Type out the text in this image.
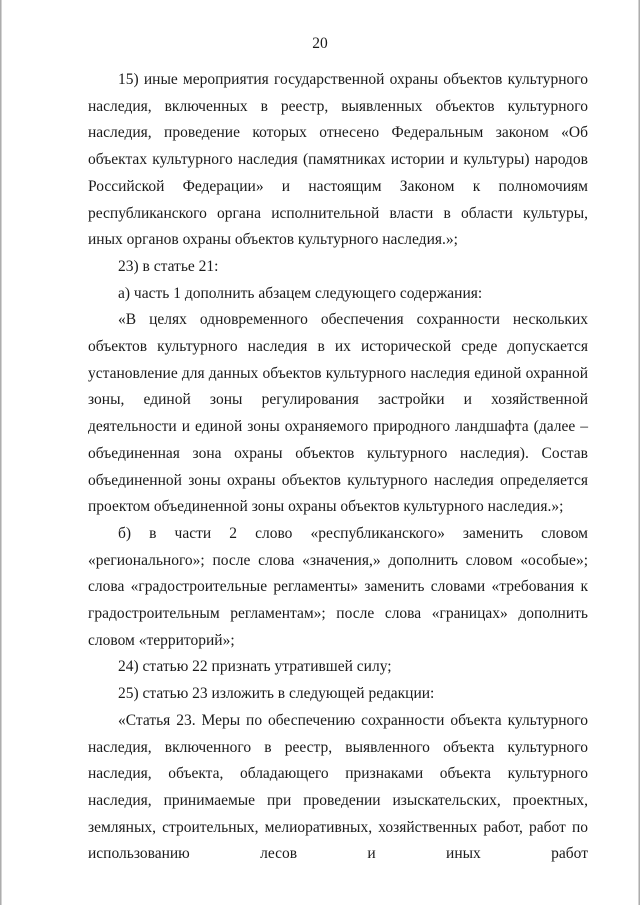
20

15) иные мероприятия государственной охраны объектов культурного наследия, включенных в реестр, выявленных объектов культурного наследия, проведение которых отнесено Федеральным законом «Об объектах культурного наследия (памятниках истории и культуры) народов Российской Федерации» и настоящим Законом к полномочиям республиканского органа исполнительной власти в области культуры, иных органов охраны объектов культурного наследия.»;

23) в статье 21:

а) часть 1 дополнить абзацем следующего содержания:

«В целях одновременного обеспечения сохранности нескольких объектов культурного наследия в их исторической среде допускается установление для данных объектов культурного наследия единой охранной зоны, единой зоны регулирования застройки и хозяйственной деятельности и единой зоны охраняемого природного ландшафта (далее – объединенная зона охраны объектов культурного наследия). Состав объединенной зоны охраны объектов культурного наследия определяется проектом объединенной зоны охраны объектов культурного наследия.»;

б) в части 2 слово «республиканского» заменить словом «регионального»; после слова «значения,» дополнить словом «особые»; слова «градостроительные регламенты» заменить словами «требования к градостроительным регламентам»; после слова «границах» дополнить словом «территорий»;

24) статью 22 признать утратившей силу;

25) статью 23 изложить в следующей редакции:

«Статья 23. Меры по обеспечению сохранности объекта культурного наследия, включенного в реестр, выявленного объекта культурного наследия, объекта, обладающего признаками объекта культурного наследия, принимаемые при проведении изыскательских, проектных, земляных, строительных, мелиоративных, хозяйственных работ, работ по использованию лесов и иных работ
